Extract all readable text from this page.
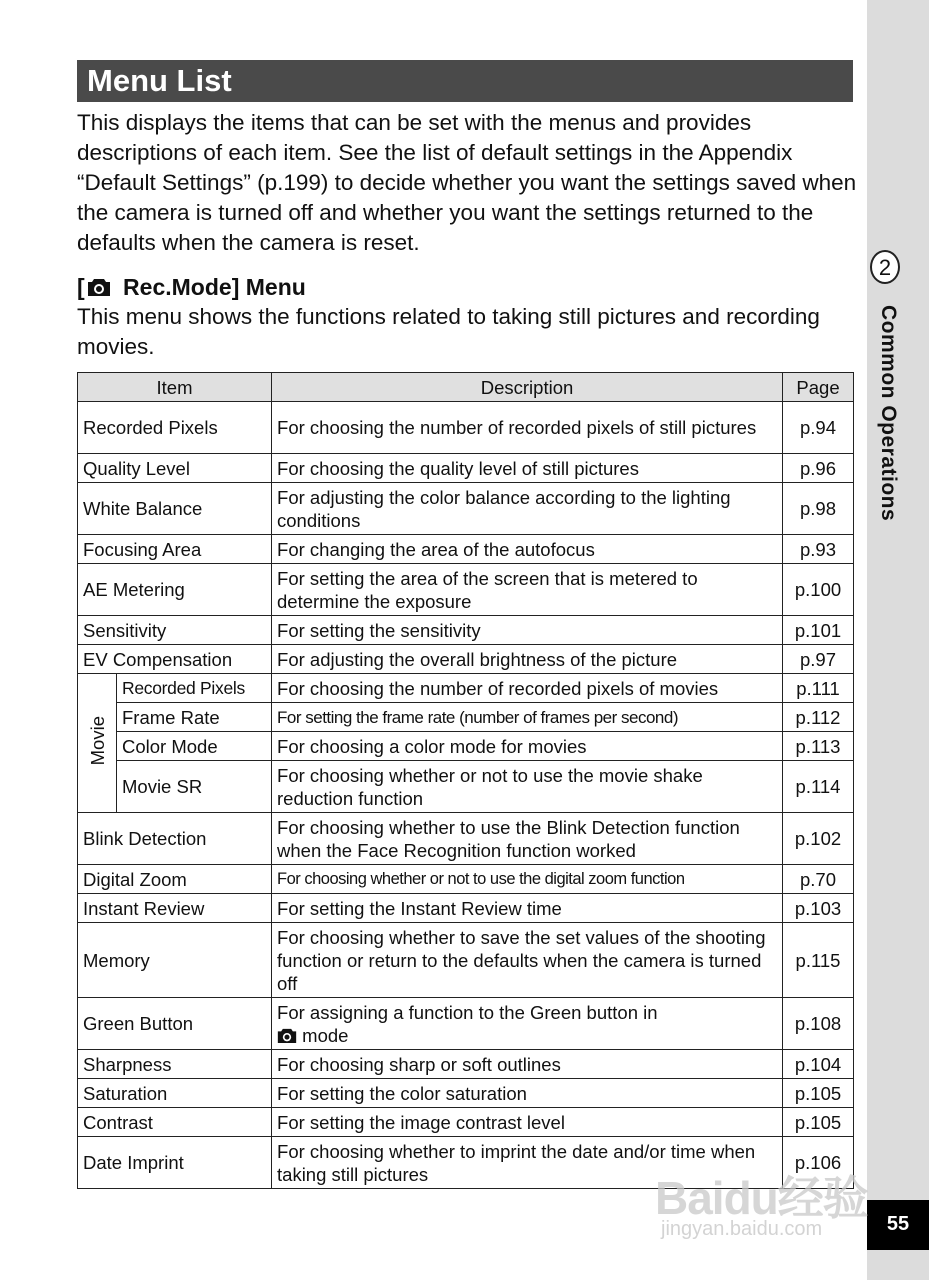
2
Common Operations
55
Menu List

This displays the items that can be set with the menus and provides descriptions of each item. See the list of default settings in the Appendix “Default Settings” (p.199) to decide whether you want the settings saved when the camera is turned off and whether you want the settings returned to the defaults when the camera is reset.

[ Rec.Mode] Menu

This menu shows the functions related to taking still pictures and recording movies.

Item		Description	Page
Recorded Pixels		For choosing the number of recorded pixels of still pictures	p.94
Quality Level		For choosing the quality level of still pictures	p.96
White Balance		For adjusting the color balance according to the lighting conditions	p.98
Focusing Area		For changing the area of the autofocus	p.93
AE Metering		For setting the area of the screen that is metered to determine the exposure	p.100
Sensitivity		For setting the sensitivity	p.101
EV Compensation		For adjusting the overall brightness of the picture	p.97
Movie	Recorded Pixels	For choosing the number of recorded pixels of movies	p.111
	Frame Rate	For setting the frame rate (number of frames per second)	p.112
	Color Mode	For choosing a color mode for movies	p.113
	Movie SR	For choosing whether or not to use the movie shake reduction function	p.114
Blink Detection		For choosing whether to use the Blink Detection function when the Face Recognition function worked	p.102
Digital Zoom		For choosing whether or not to use the digital zoom function	p.70
Instant Review		For setting the Instant Review time	p.103
Memory		For choosing whether to save the set values of the shooting function or return to the defaults when the camera is turned off	p.115
Green Button		For assigning a function to the Green button in
mode	p.108
Sharpness		For choosing sharp or soft outlines	p.104
Saturation		For setting the color saturation	p.105
Contrast		For setting the image contrast level	p.105
Date Imprint		For choosing whether to imprint the date and/or time when taking still pictures	p.106
Baidu经验
jingyan.baidu.com
